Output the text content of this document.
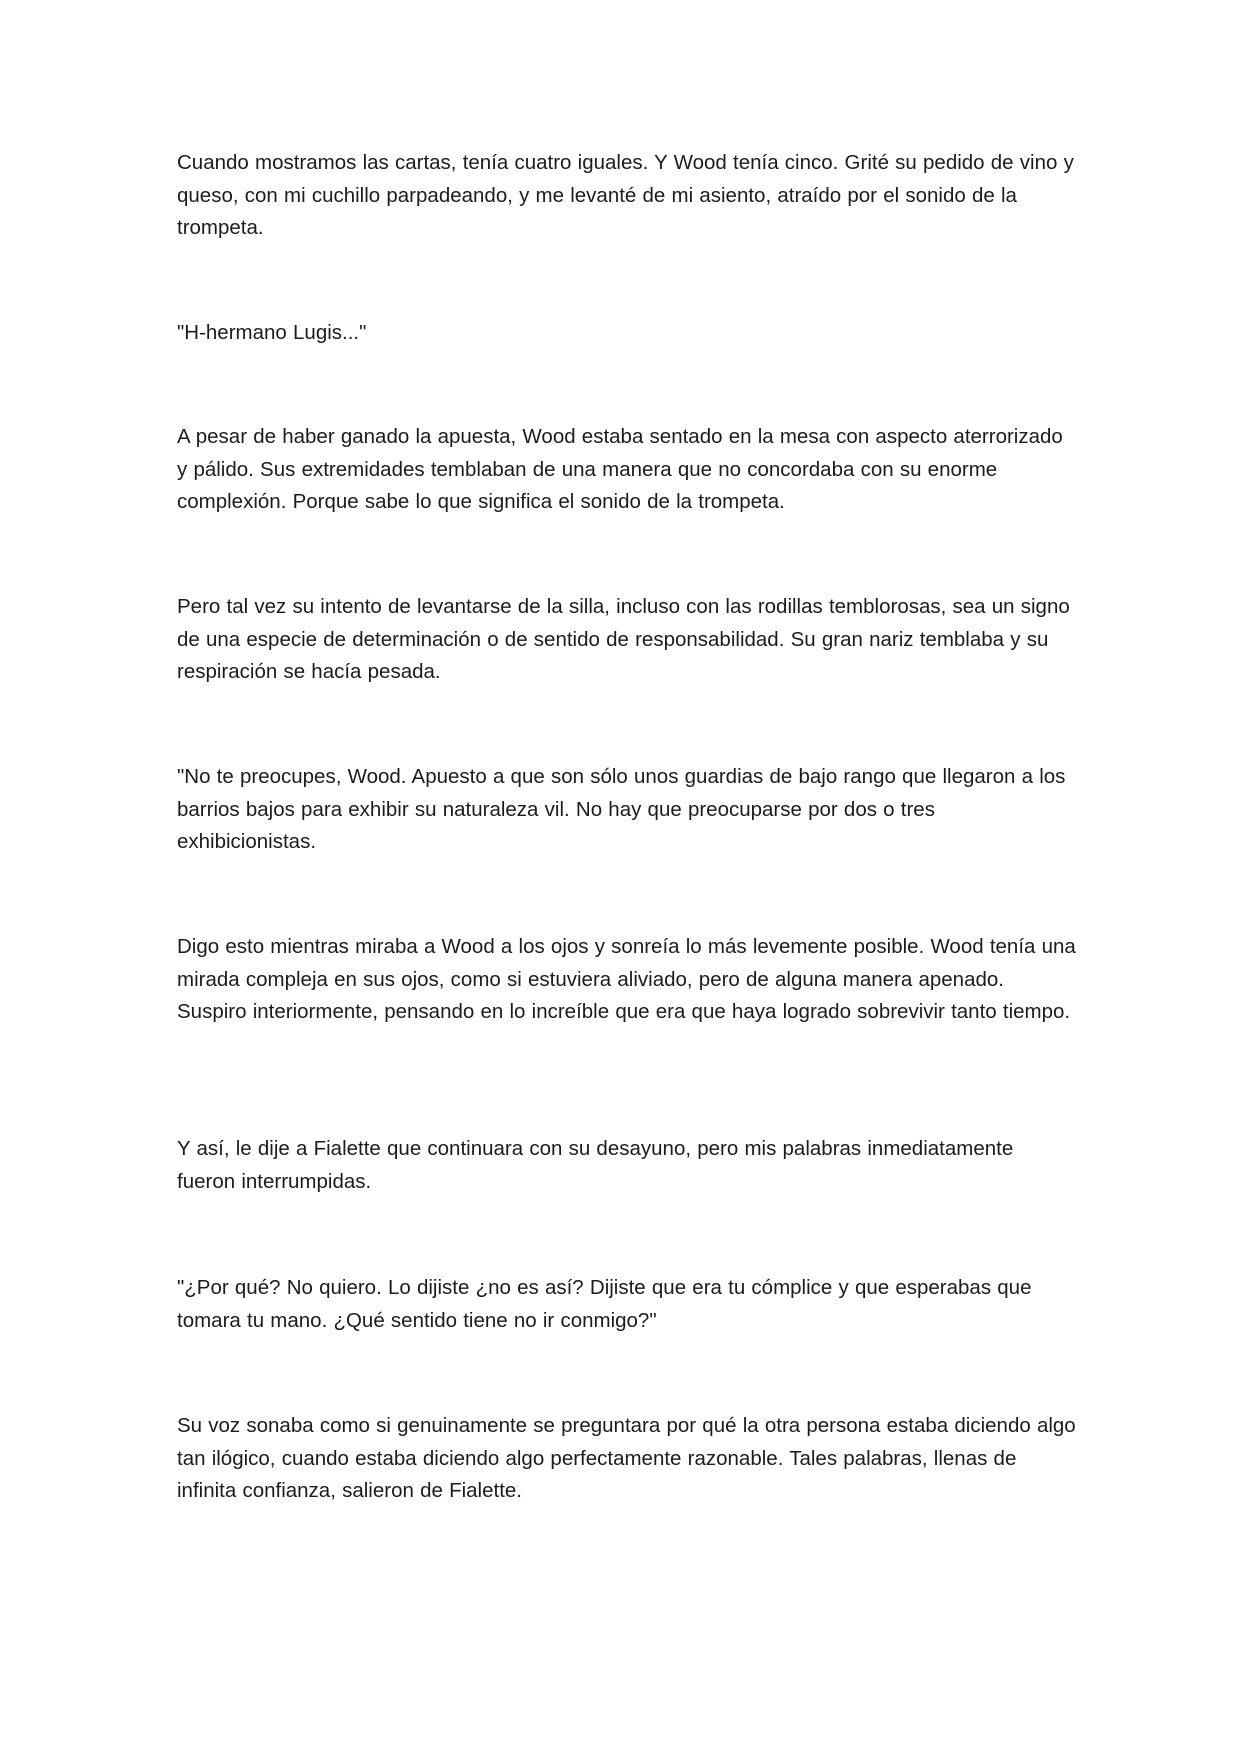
Cuando mostramos las cartas, tenía cuatro iguales. Y Wood tenía cinco. Grité su pedido de vino y queso, con mi cuchillo parpadeando, y me levanté de mi asiento, atraído por el sonido de la trompeta.

"H-hermano Lugis..."

A pesar de haber ganado la apuesta, Wood estaba sentado en la mesa con aspecto aterrorizado y pálido. Sus extremidades temblaban de una manera que no concordaba con su enorme complexión. Porque sabe lo que significa el sonido de la trompeta.

Pero tal vez su intento de levantarse de la silla, incluso con las rodillas temblorosas, sea un signo de una especie de determinación o de sentido de responsabilidad. Su gran nariz temblaba y su respiración se hacía pesada.

"No te preocupes, Wood. Apuesto a que son sólo unos guardias de bajo rango que llegaron a los barrios bajos para exhibir su naturaleza vil. No hay que preocuparse por dos o tres exhibicionistas.

Digo esto mientras miraba a Wood a los ojos y sonreía lo más levemente posible. Wood tenía una mirada compleja en sus ojos, como si estuviera aliviado, pero de alguna manera apenado. Suspiro interiormente, pensando en lo increíble que era que haya logrado sobrevivir tanto tiempo.

Y así, le dije a Fialette que continuara con su desayuno, pero mis palabras inmediatamente fueron interrumpidas.

"¿Por qué? No quiero. Lo dijiste ¿no es así? Dijiste que era tu cómplice y que esperabas que tomara tu mano. ¿Qué sentido tiene no ir conmigo?"

Su voz sonaba como si genuinamente se preguntara por qué la otra persona estaba diciendo algo tan ilógico, cuando estaba diciendo algo perfectamente razonable. Tales palabras, llenas de infinita confianza, salieron de Fialette.
